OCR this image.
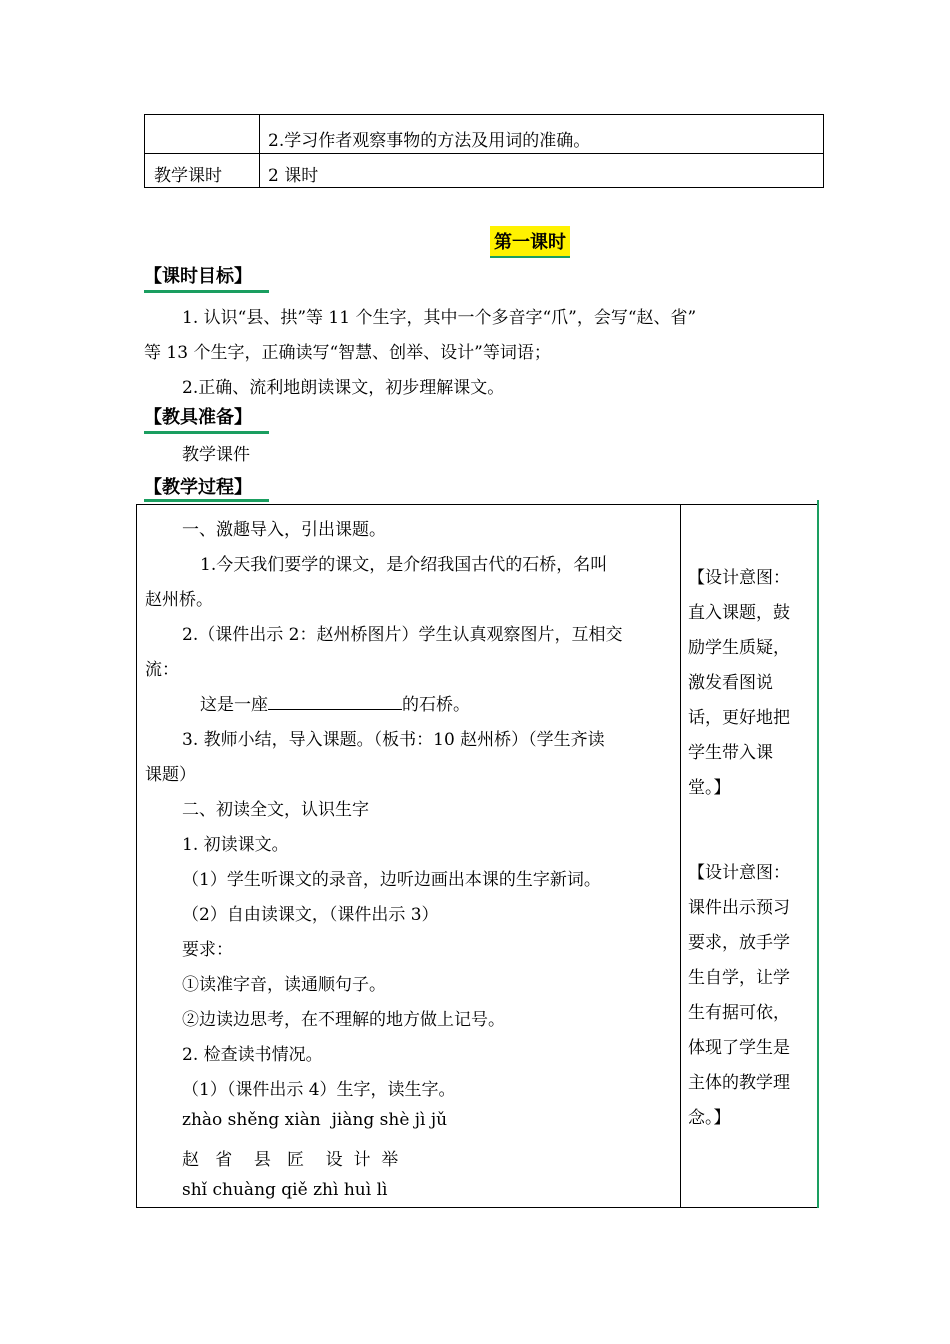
2.学习作者观察事物的方法及用词的准确。
教学课时	2 课时
第一课时
【课时目标】
1. 认识“县、拱”等 11 个生字，其中一个多音字“爪”，会写“赵、省”
等 13 个生字，正确读写“智慧、创举、设计”等词语；
2.正确、流利地朗读课文，初步理解课文。
【教具准备】
教学课件
【教学过程】
一、激趣导入，引出课题。
1.今天我们要学的课文，是介绍我国古代的石桥，名叫
赵州桥。
2.（课件出示 2：赵州桥图片）学生认真观察图片，互相交
流：
这是一座	的石桥。
3. 教师小结，导入课题。（板书：10 赵州桥）（学生齐读
课题）
二、初读全文，认识生字
1. 初读课文。
（1）学生听课文的录音，边听边画出本课的生字新词。
（2）自由读课文，（课件出示 3）
要求：
①读准字音，读通顺句子。
②边读边思考，在不理解的地方做上记号。
2. 检查读书情况。
（1）（课件出示 4）生字，读生字。
zhào shěng xiàn  jiàng shè jì jǔ
赵   省    县   匠    设  计  举
shǐ chuàng qiě zhì huì lì
【设计意图：
直入课题，鼓
励学生质疑，
激发看图说
话，更好地把
学生带入课
堂。】
【设计意图：
课件出示预习
要求，放手学
生自学，让学
生有据可依，
体现了学生是
主体的教学理
念。】
